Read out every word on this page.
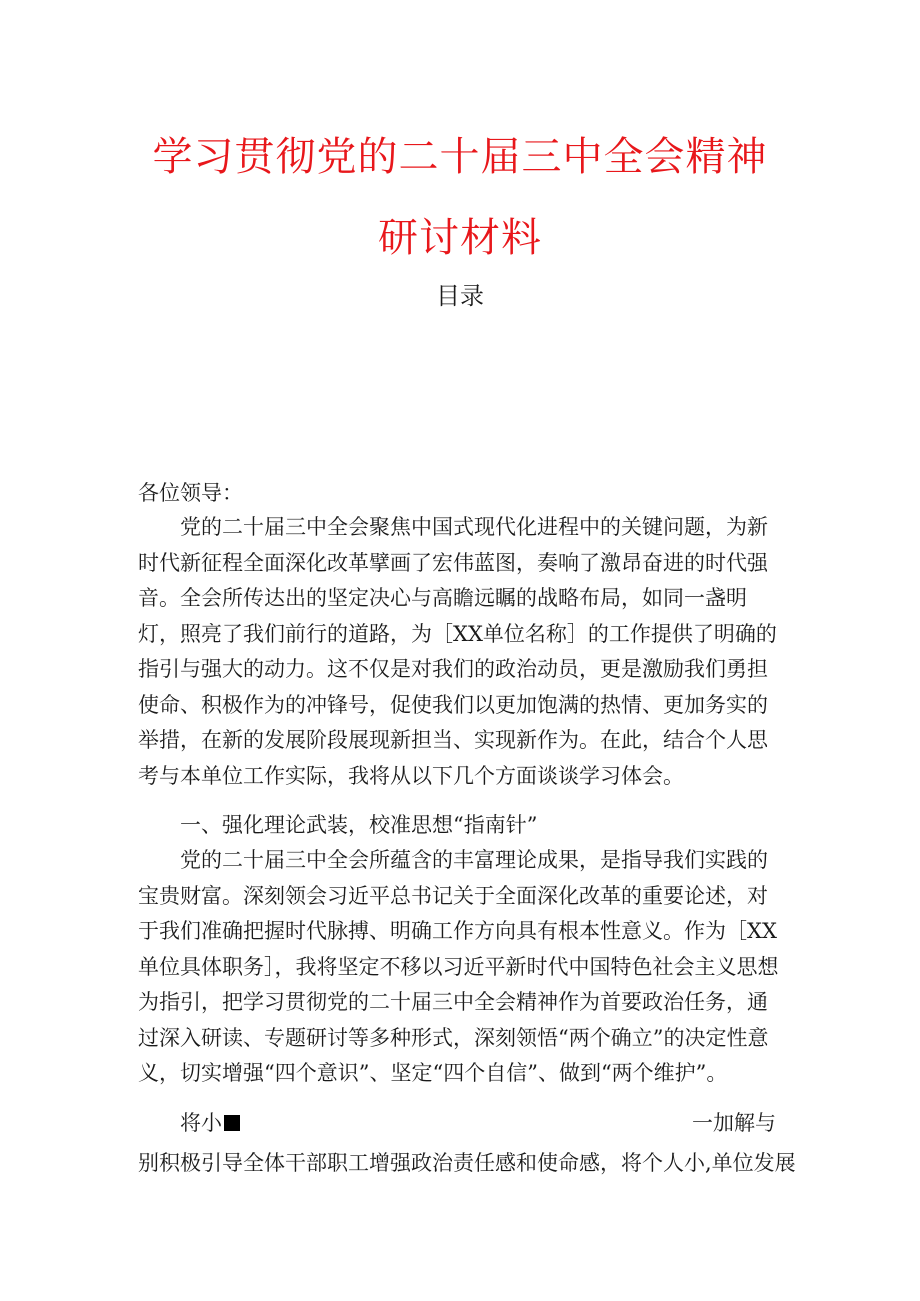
学习贯彻党的二十届三中全会精神
研讨材料
目录
各位领导：
党的二十届三中全会聚焦中国式现代化进程中的关键问题，为新时代新征程全面深化改革擘画了宏伟蓝图，奏响了激昂奋进的时代强音。全会所传达出的坚定决心与高瞻远瞩的战略布局，如同一盏明灯，照亮了我们前行的道路，为［XX单位名称］的工作提供了明确的指引与强大的动力。这不仅是对我们的政治动员，更是激励我们勇担使命、积极作为的冲锋号，促使我们以更加饱满的热情、更加务实的举措，在新的发展阶段展现新担当、实现新作为。在此，结合个人思考与本单位工作实际，我将从以下几个方面谈谈学习体会。
一、强化理论武装，校准思想“指南针”
党的二十届三中全会所蕴含的丰富理论成果，是指导我们实践的宝贵财富。深刻领会习近平总书记关于全面深化改革的重要论述，对于我们准确把握时代脉搏、明确工作方向具有根本性意义。作为［XX单位具体职务］，我将坚定不移以习近平新时代中国特色社会主义思想为指引，把学习贯彻党的二十届三中全会精神作为首要政治任务，通过深入研读、专题研讨等多种形式，深刻领悟“两个确立”的决定性意义，切实增强“四个意识”、坚定“四个自信”、做到“两个维护”。
将小	一加解与
别积极引导全体干部职工增强政治责任感和使命感，将个人小,单位发展
